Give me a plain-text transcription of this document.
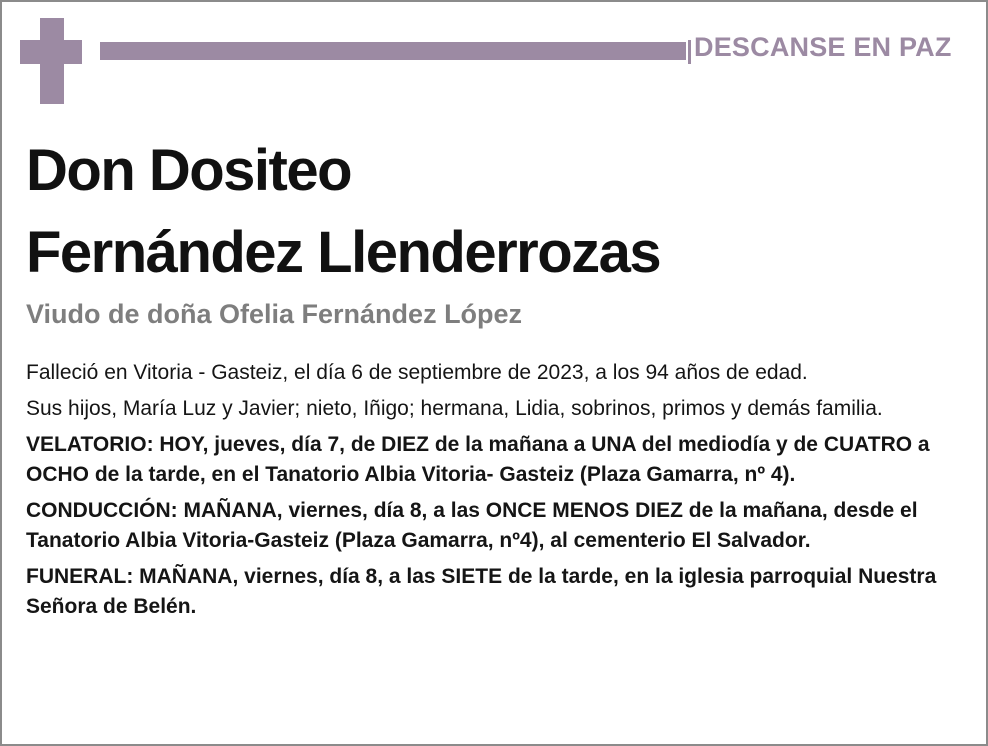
DESCANSE EN PAZ
Don Dositeo
Fernández Llenderrozas
Viudo de doña Ofelia Fernández López

Falleció en Vitoria - Gasteiz, el día 6 de septiembre de 2023, a los 94 años de edad.

Sus hijos, María Luz y Javier; nieto, Iñigo; hermana, Lidia, sobrinos, primos y demás familia.

VELATORIO: HOY, jueves, día 7, de DIEZ de la mañana a UNA del mediodía y de CUATRO a OCHO de la tarde, en el Tanatorio Albia Vitoria- Gasteiz (Plaza Gamarra, nº 4).

CONDUCCIÓN: MAÑANA, viernes, día 8, a las ONCE MENOS DIEZ de la mañana, desde el Tanatorio Albia Vitoria-Gasteiz (Plaza Gamarra, nº4), al cementerio El Salvador.

FUNERAL: MAÑANA, viernes, día 8, a las SIETE de la tarde, en la iglesia parroquial Nuestra Señora de Belén.
